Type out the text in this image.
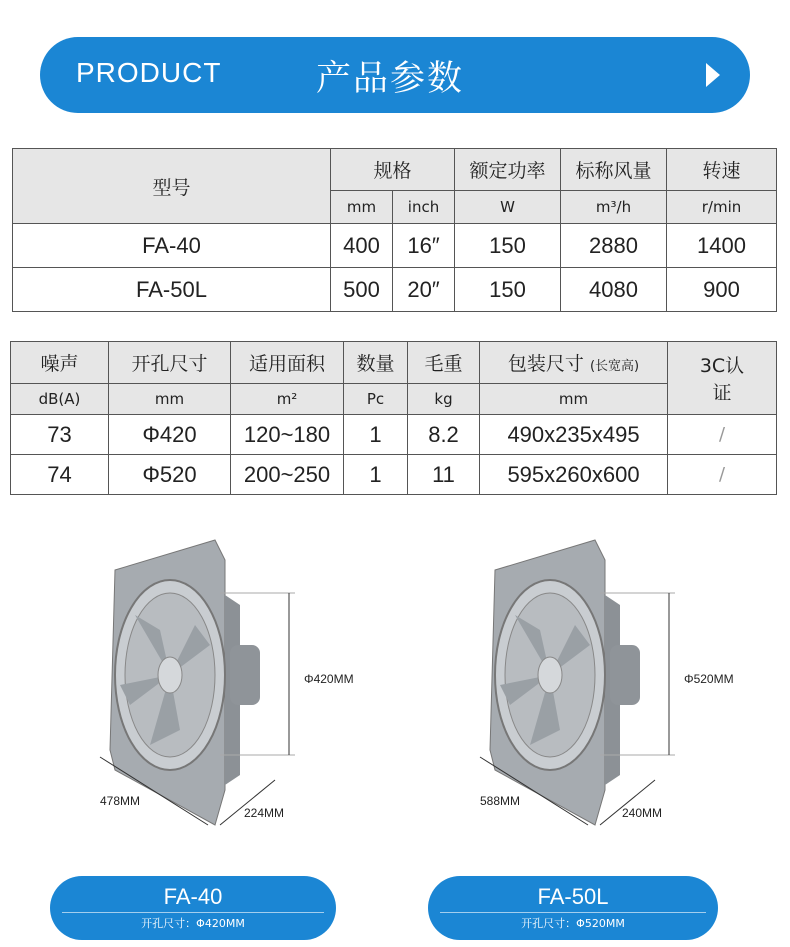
PRODUCT	产品参数
型号	规格		额定功率	标称风量	转速
	mm	inch	W	m³/h	r/min
FA-40	400	16″	150	2880	1400
FA-50L	500	20″	150	4080	900
噪声	开孔尺寸	适用面积	数量	毛重	包装尺寸 (长宽高)	3C认证
dB(A)	mm	m²	Pc	kg	mm	
73	Φ420	120~180	1	8.2	490x235x495	/
74	Φ520	200~250	1	11	595x260x600	/
Φ420MM
478MM
224MM
Φ520MM
588MM
240MM
FA-40
开孔尺寸：Φ420MM
FA-50L
开孔尺寸：Φ520MM
